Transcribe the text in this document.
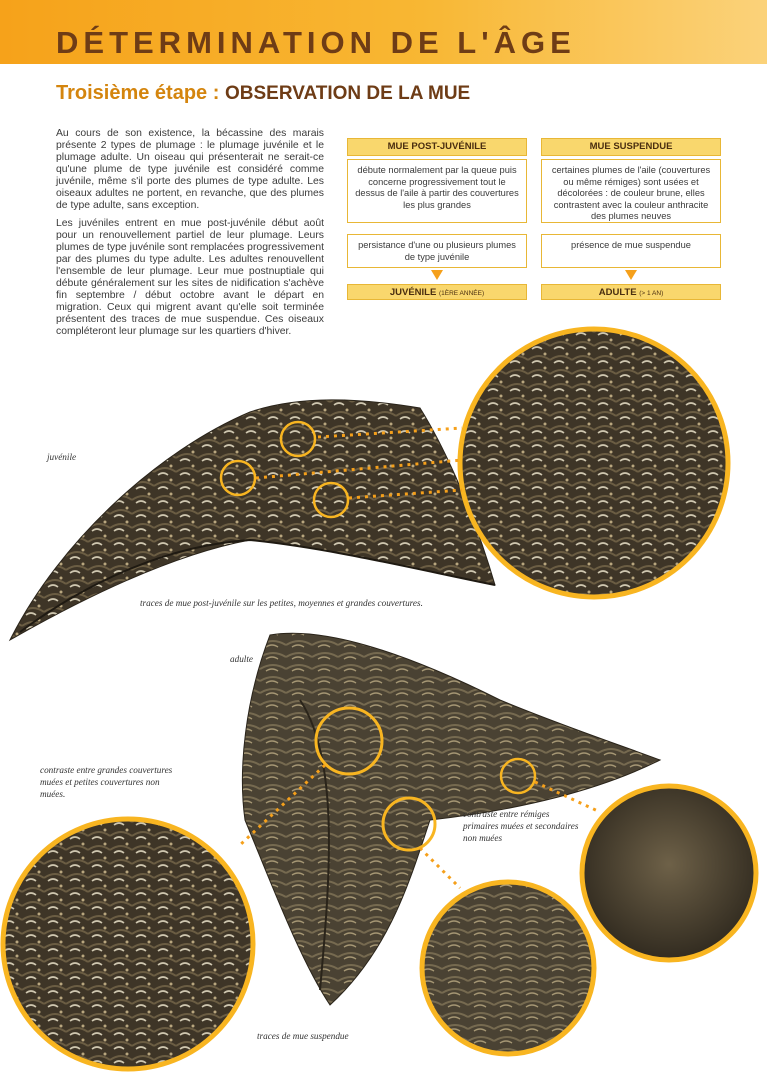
DÉTERMINATION DE L'ÂGE
Troisième étape : OBSERVATION DE LA MUE

Au cours de son existence, la bécassine des marais présente 2 types de plumage : le plumage juvénile et le plumage adulte. Un oiseau qui présenterait ne serait-ce qu'une plume de type juvénile est considéré comme juvénile, même s'il porte des plumes de type adulte. Les oiseaux adultes ne portent, en revanche, que des plumes de type adulte, sans exception.

Les juvéniles entrent en mue post-juvénile début août pour un renouvellement partiel de leur plumage. Leurs plumes de type juvénile sont remplacées progressivement par des plumes du type adulte. Les adultes renouvellent l'ensemble de leur plumage. Leur mue postnuptiale qui débute généralement sur les sites de nidification s'achève fin septembre / début octobre avant le départ en migration. Ceux qui migrent avant qu'elle soit terminée présentent des traces de mue suspendue. Ces oiseaux compléteront leur plumage sur les quartiers d'hiver.

MUE POST-JUVÉNILE
débute normalement par la queue puis concerne progressivement tout le dessus de l'aile à partir des couvertures les plus grandes
persistance d'une ou plusieurs plumes de type juvénile
JUVÉNILE (1ÈRE ANNÉE)
MUE SUSPENDUE
certaines plumes de l'aile (couvertures ou même rémiges) sont usées et décolorées : de couleur brune, elles contrastent avec la couleur anthracite des plumes neuves
présence de mue suspendue
ADULTE (> 1 AN)
juvénile
traces de mue post-juvénile sur les petites, moyennes et grandes couvertures.
adulte
contraste entre grandes couvertures muées et petites couvertures non muées.
contraste entre rémiges primaires muées et secondaires non muées
traces de mue suspendue
